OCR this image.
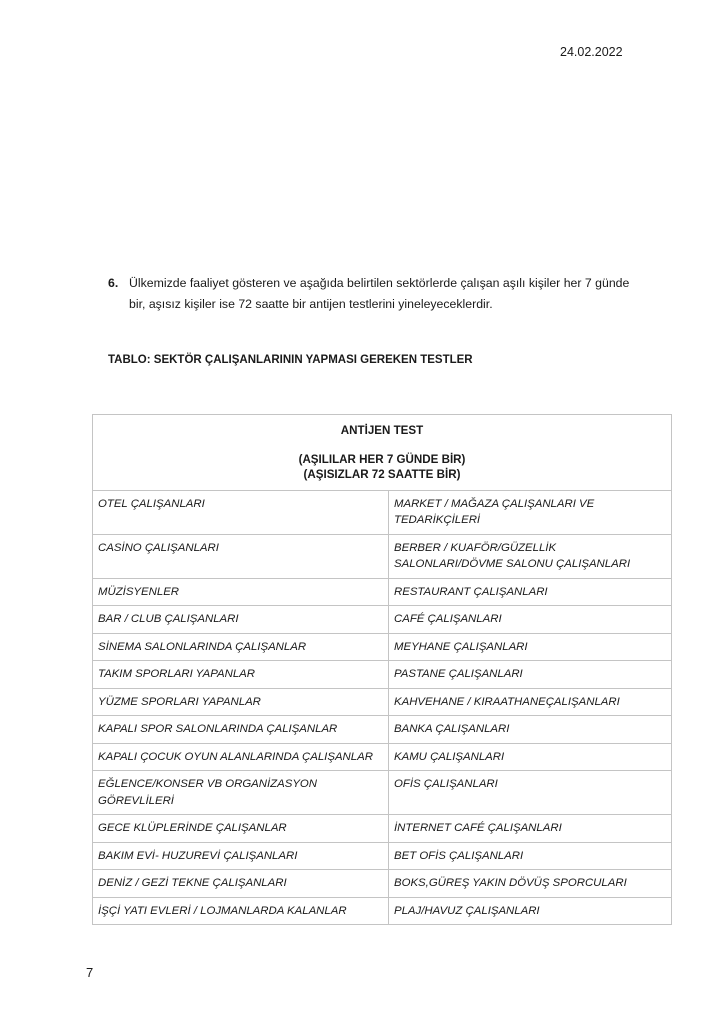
24.02.2022
6. Ülkemizde faaliyet gösteren ve aşağıda belirtilen sektörlerde çalışan aşılı kişiler her 7 günde bir, aşısız kişiler ise 72 saatte bir antijen testlerini yineleyeceklerdir.
TABLO: SEKTÖR ÇALIŞANLARININ YAPMASI GEREKEN TESTLER
ANTİJEN TEST
(AŞILILAR HER 7 GÜNDE BİR)
(AŞISIZLAR 72 SAATTE BİR)	

OTEL ÇALIŞANLARI	MARKET / MAĞAZA ÇALIŞANLARI VE TEDARİKÇİLERİ
CASİNO ÇALIŞANLARI	BERBER / KUAFÖR/GÜZELLİK SALONLARI/DÖVME SALONU ÇALIŞANLARI
MÜZİSYENLER	RESTAURANT ÇALIŞANLARI
BAR / CLUB ÇALIŞANLARI	CAFÉ ÇALIŞANLARI
SİNEMA SALONLARINDA ÇALIŞANLAR	MEYHANE ÇALIŞANLARI
TAKIM SPORLARI YAPANLAR	PASTANE ÇALIŞANLARI
YÜZME SPORLARI YAPANLAR	KAHVEHANE / KIRAATHANEÇALIŞANLARI
KAPALI SPOR SALONLARINDA ÇALIŞANLAR	BANKA ÇALIŞANLARI
KAPALI ÇOCUK OYUN ALANLARINDA ÇALIŞANLAR	KAMU ÇALIŞANLARI
EĞLENCE/KONSER VB ORGANİZASYON GÖREVLİLERİ	OFİS ÇALIŞANLARI
GECE KLÜPLERİNDE ÇALIŞANLAR	İNTERNET CAFÉ ÇALIŞANLARI
BAKIM EVİ- HUZUREVİ ÇALIŞANLARI	BET OFİS ÇALIŞANLARI
DENİZ / GEZİ TEKNE ÇALIŞANLARI	BOKS,GÜREŞ YAKIN DÖVÜŞ SPORCULARI
İŞÇİ YATI EVLERİ / LOJMANLARDA KALANLAR	PLAJ/HAVUZ ÇALIŞANLARI
7
